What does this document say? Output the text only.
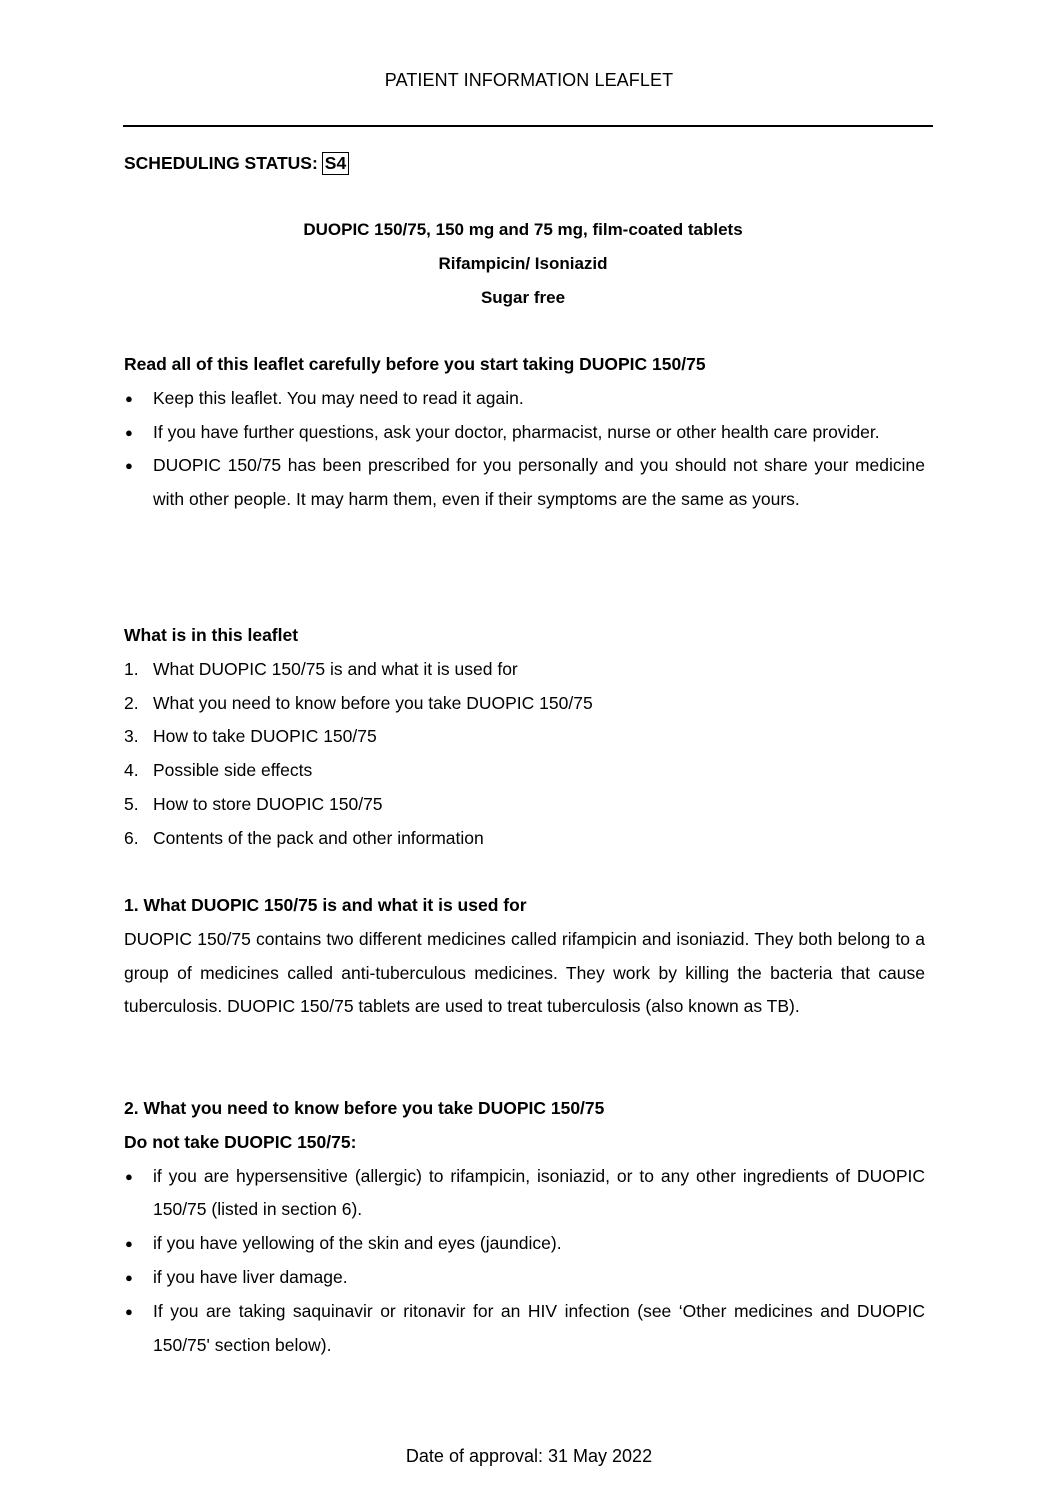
PATIENT INFORMATION LEAFLET
SCHEDULING STATUS: S4
DUOPIC 150/75, 150 mg and 75 mg, film-coated tablets
Rifampicin/ Isoniazid
Sugar free
Read all of this leaflet carefully before you start taking DUOPIC 150/75
● Keep this leaflet. You may need to read it again.
● If you have further questions, ask your doctor, pharmacist, nurse or other health care provider.
● DUOPIC 150/75 has been prescribed for you personally and you should not share your medicine with other people. It may harm them, even if their symptoms are the same as yours.
What is in this leaflet
1. What DUOPIC 150/75 is and what it is used for
2. What you need to know before you take DUOPIC 150/75
3. How to take DUOPIC 150/75
4. Possible side effects
5. How to store DUOPIC 150/75
6. Contents of the pack and other information
1. What DUOPIC 150/75 is and what it is used for
DUOPIC 150/75 contains two different medicines called rifampicin and isoniazid. They both belong to a group of medicines called anti-tuberculous medicines. They work by killing the bacteria that cause tuberculosis. DUOPIC 150/75 tablets are used to treat tuberculosis (also known as TB).
2. What you need to know before you take DUOPIC 150/75
Do not take DUOPIC 150/75:
● if you are hypersensitive (allergic) to rifampicin, isoniazid, or to any other ingredients of DUOPIC 150/75 (listed in section 6).
● if you have yellowing of the skin and eyes (jaundice).
● if you have liver damage.
● If you are taking saquinavir or ritonavir for an HIV infection (see ‘Other medicines and DUOPIC 150/75' section below).
Date of approval: 31 May 2022
